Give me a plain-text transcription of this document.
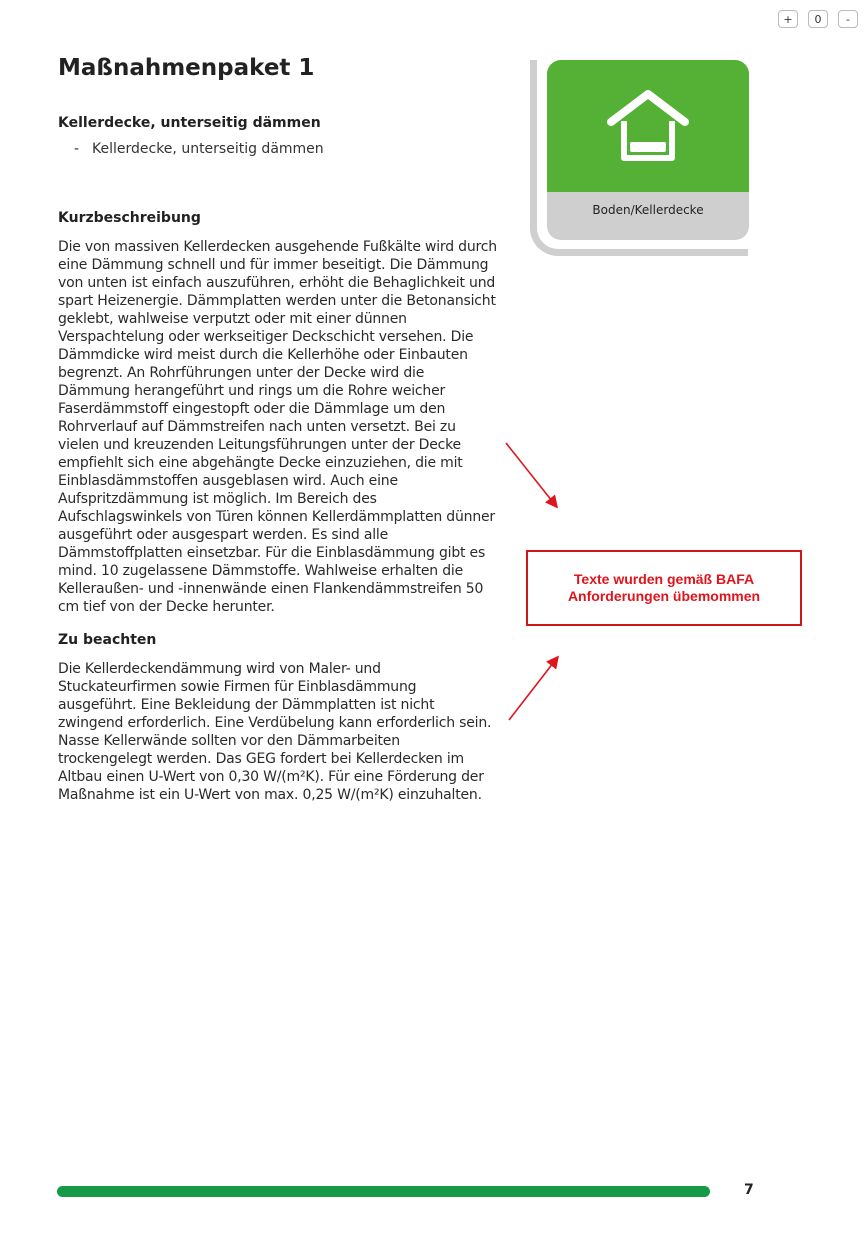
+	0	-
Maßnahmenpaket 1
Kellerdecke, unterseitig dämmen
- Kellerdecke, unterseitig dämmen
Kurzbeschreibung

Die von massiven Kellerdecken ausgehende Fußkälte wird durch eine Dämmung schnell und für immer beseitigt. Die Dämmung von unten ist einfach auszuführen, erhöht die Behaglichkeit und spart Heizenergie. Dämmplatten werden unter die Betonansicht geklebt, wahlweise verputzt oder mit einer dünnen Verspachtelung oder werkseitiger Deckschicht versehen. Die Dämmdicke wird meist durch die Kellerhöhe oder Einbauten begrenzt. An Rohrführungen unter der Decke wird die Dämmung herangeführt und rings um die Rohre weicher Faserdämmstoff eingestopft oder die Dämmlage um den Rohrverlauf auf Dämmstreifen nach unten versetzt. Bei zu vielen und kreuzenden Leitungsführungen unter der Decke empfiehlt sich eine abgehängte Decke einzuziehen, die mit Einblasdämmstoffen ausgeblasen wird. Auch eine Aufspritzdämmung ist möglich. Im Bereich des Aufschlagswinkels von Türen können Kellerdämmplatten dünner ausgeführt oder ausgespart werden. Es sind alle Dämmstoffplatten einsetzbar. Für die Einblasdämmung gibt es mind. 10 zugelassene Dämmstoffe. Wahlweise erhalten die Kelleraußen- und -innenwände einen Flankendämmstreifen 50 cm tief von der Decke herunter.

Zu beachten

Die Kellerdeckendämmung wird von Maler- und Stuckateurfirmen sowie Firmen für Einblasdämmung ausgeführt. Eine Bekleidung der Dämmplatten ist nicht zwingend erforderlich. Eine Verdübelung kann erforderlich sein. Nasse Kellerwände sollten vor den Dämmarbeiten trockengelegt werden. Das GEG fordert bei Kellerdecken im Altbau einen U-Wert von 0,30 W/(m²K). Für eine Förderung der Maßnahme ist ein U-Wert von max. 0,25 W/(m²K) einzuhalten.

Boden/Kellerdecke
Texte wurden gemäß BAFA
Anforderungen übemommen
7
